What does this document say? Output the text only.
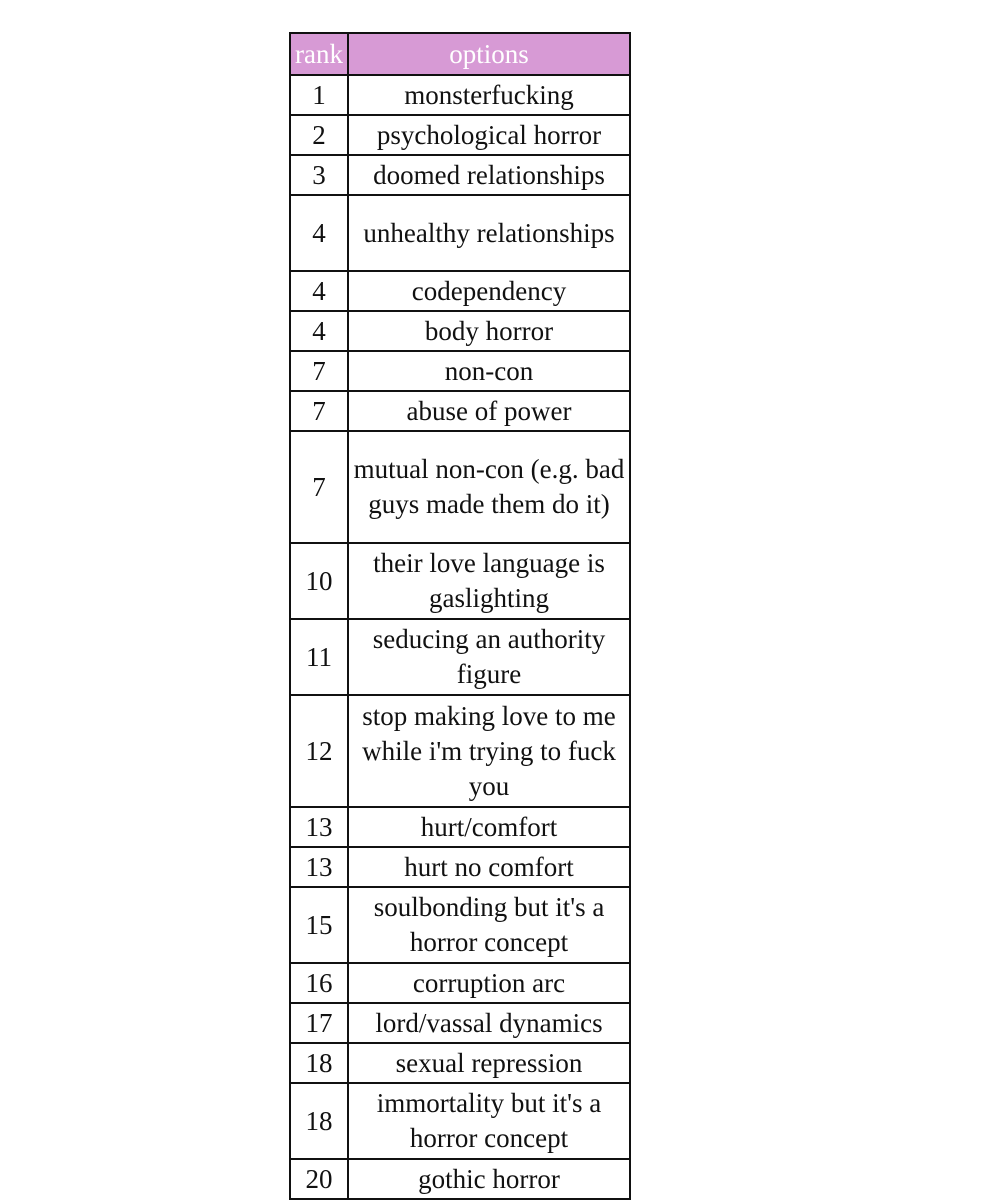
rank	options
1	monsterfucking
2	psychological horror
3	doomed relationships
4	unhealthy relationships
4	codependency
4	body horror
7	non-con
7	abuse of power
7	mutual non-con (e.g. bad guys made them do it)
10	their love language is gaslighting
11	seducing an authority figure
12	stop making love to me while i'm trying to fuck you
13	hurt/comfort
13	hurt no comfort
15	soulbonding but it's a horror concept
16	corruption arc
17	lord/vassal dynamics
18	sexual repression
18	immortality but it's a horror concept
20	gothic horror
